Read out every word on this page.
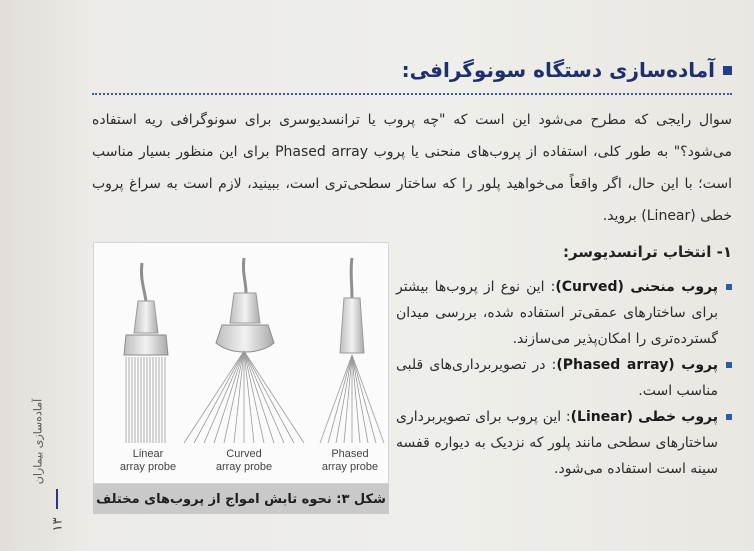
آماده‌سازی دستگاه سونوگرافی:
سوال رایجی که مطرح می‌شود این است که "چه پروب یا ترانسدیوسری برای سونوگرافی ریه استفاده می‌شود؟" به طور کلی، استفاده از پروب‌های منحنی یا پروب Phased array برای این منظور بسیار مناسب است؛ با این حال، اگر واقعاً می‌خواهید پلور را که ساختار سطحی‌تری است، ببینید، لازم است به سراغ پروب خطی (Linear) بروید.
۱- انتخاب ترانسدیوسر:
پروب منحنی (Curved): این نوع از پروب‌ها بیشتر برای ساختارهای عمقی‌تر استفاده شده، بررسی میدان گسترده‌تری را امکان‌پذیر می‌سازند.
پروب (Phased array): در تصویربرداری‌های قلبی مناسب است.
پروب خطی (Linear): این پروب برای تصویربرداری ساختارهای سطحی مانند پلور که نزدیک به دیواره قفسه سینه است استفاده می‌شود.
Linear
array probe
Curved
array probe
Phased
array probe
شکل ۳: نحوه تابش امواج از پروب‌های مختلف
آماده‌سازی بیماران
۱۳
